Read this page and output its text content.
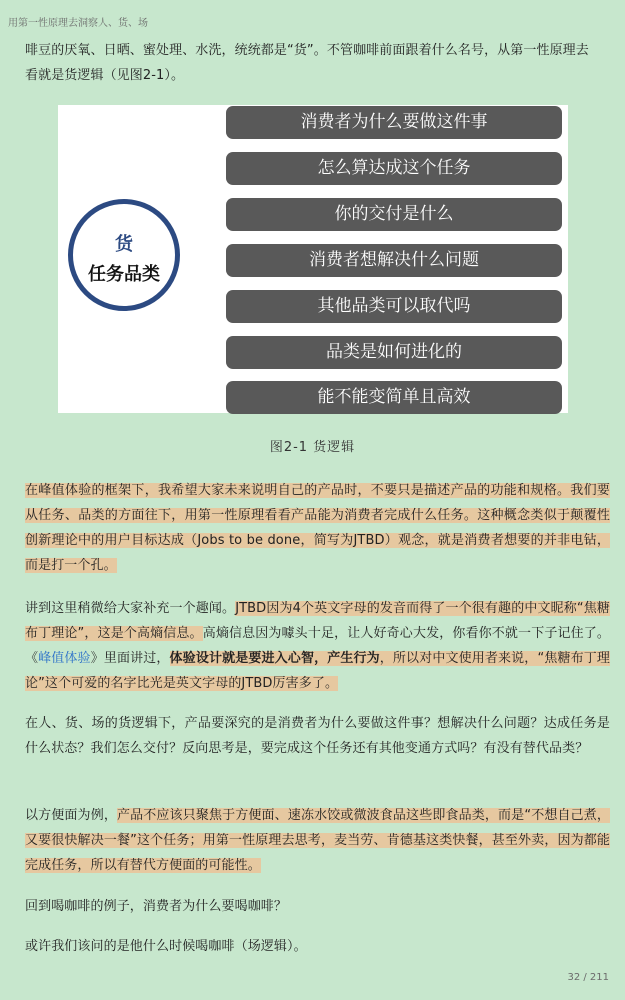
用第一性原理去洞察人、货、场

啡豆的厌氧、日晒、蜜处理、水洗，统统都是“货”。不管咖啡前面跟着什么名号，从第一性原理去
看就是货逻辑（见图2-1）。

货
任务品类
消费者为什么要做这件事
怎么算达成这个任务
你的交付是什么
消费者想解决什么问题
其他品类可以取代吗
品类是如何进化的
能不能变简单且高效
图2-1 货逻辑

在峰值体验的框架下，我希望大家未来说明自己的产品时，不要只是描述产品的功能和规格。我们要从任务、品类的方面往下，用第一性原理看看产品能为消费者完成什么任务。这种概念类似于颠覆性创新理论中的用户目标达成（Jobs to be done，简写为JTBD）观念，就是消费者想要的并非电钻，而是打一个孔。

讲到这里稍微给大家补充一个趣闻。JTBD因为4个英文字母的发音而得了一个很有趣的中文昵称“焦糖布丁理论”，这是个高熵信息。高熵信息因为噱头十足，让人好奇心大发，你看你不就一下子记住了。《峰值体验》里面讲过，体验设计就是要进入心智，产生行为，所以对中文使用者来说，“焦糖布丁理论”这个可爱的名字比光是英文字母的JTBD厉害多了。

在人、货、场的货逻辑下，产品要深究的是消费者为什么要做这件事？想解决什么问题？达成任务是什么状态？我们怎么交付？反向思考是，要完成这个任务还有其他变通方式吗？有没有替代品类？

以方便面为例，产品不应该只聚焦于方便面、速冻水饺或微波食品这些即食品类，而是“不想自己煮，又要很快解决一餐”这个任务；用第一性原理去思考，麦当劳、肯德基这类快餐，甚至外卖，因为都能完成任务，所以有替代方便面的可能性。

回到喝咖啡的例子，消费者为什么要喝咖啡？

或许我们该问的是他什么时候喝咖啡（场逻辑）。

32 / 211
